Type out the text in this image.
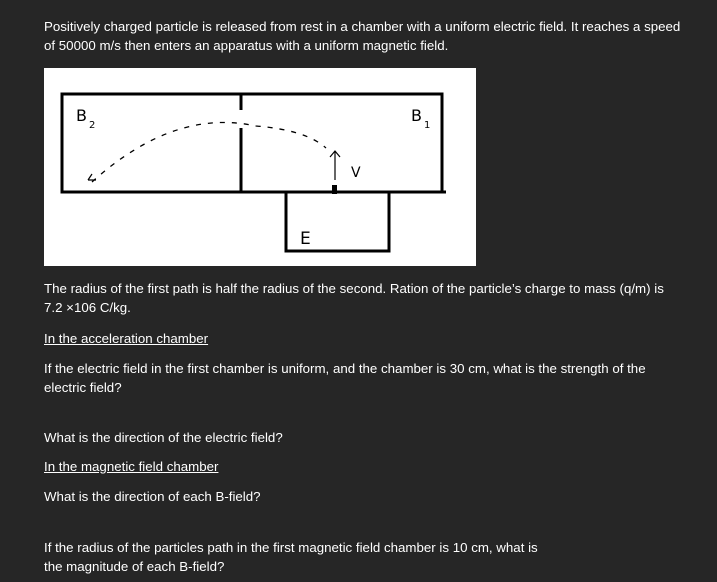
Positively charged particle is released from rest in a chamber with a uniform electric field. It reaches a speed of 50000 m/s then enters an apparatus with a uniform magnetic field.

B
2
B
1
V
E

The radius of the first path is half the radius of the second. Ration of the particle’s charge to mass (q/m) is 7.2 ×106 C/kg.

In the acceleration chamber

If the electric field in the first chamber is uniform, and the chamber is 30 cm, what is the strength of the electric field?

What is the direction of the electric field?

In the magnetic field chamber

What is the direction of each B-field?

If the radius of the particles path in the first magnetic field chamber is 10 cm, what is the magnitude of each B-field?
